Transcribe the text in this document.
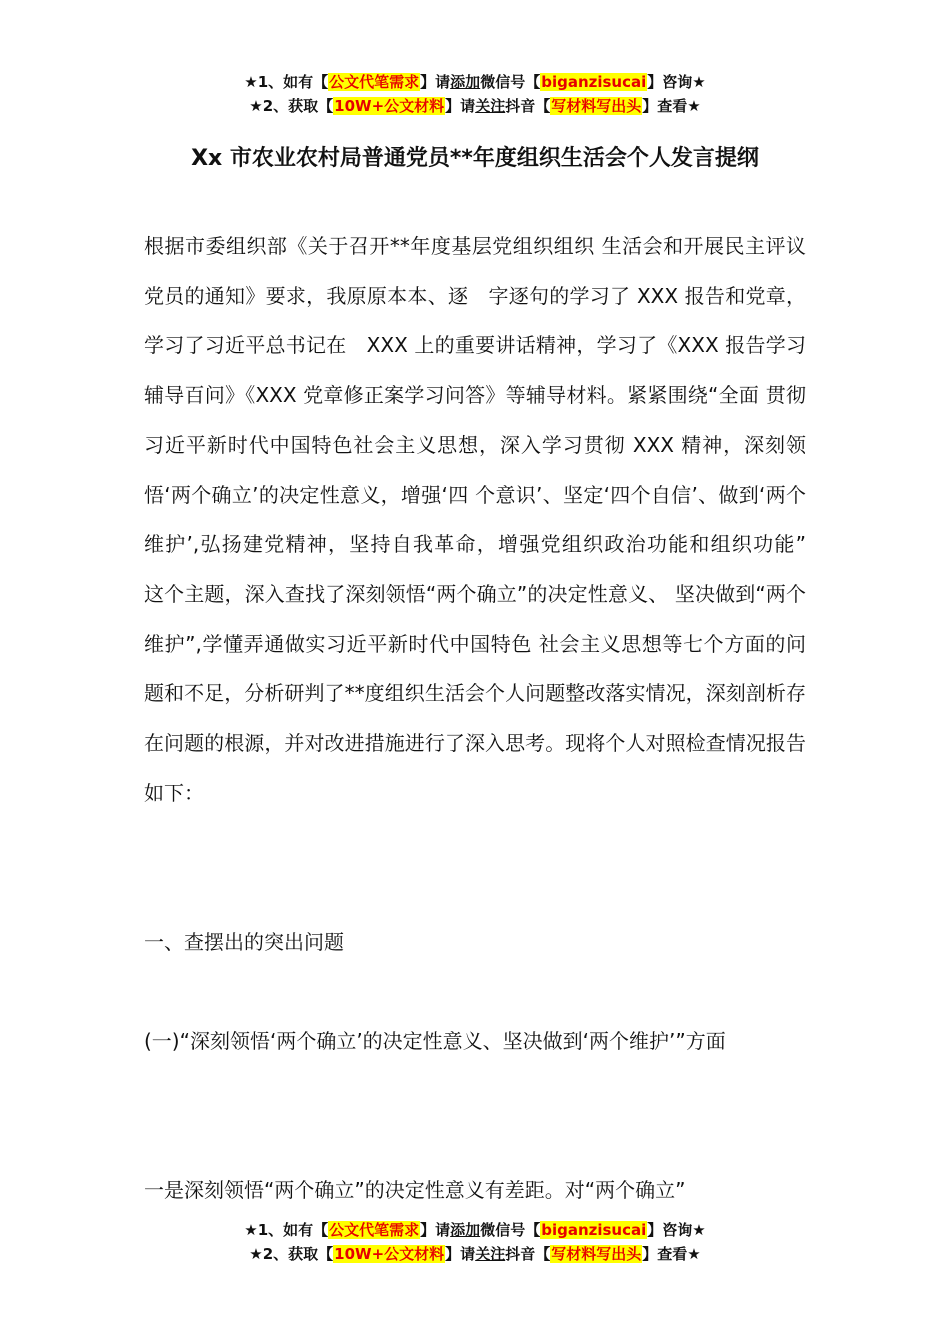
★1、如有【公文代笔需求】请添加微信号【biganzisucai】咨询★
★2、获取【10W+公文材料】请关注抖音【写材料写出头】查看★
Xx 市农业农村局普通党员**年度组织生活会个人发言提纲

根据市委组织部《关于召开**年度基层党组织组织 生活会和开展民主评议党员的通知》要求，我原原本本、逐　字逐句的学习了 XXX 报告和党章，学习了习近平总书记在　XXX 上的重要讲话精神，学习了《XXX 报告学习辅导百问》《XXX 党章修正案学习问答》等辅导材料。紧紧围绕“全面 贯彻习近平新时代中国特色社会主义思想，深入学习贯彻 XXX 精神，深刻领悟‘两个确立’的决定性意义，增强‘四 个意识’、坚定‘四个自信’、做到‘两个维护’,弘扬建党精神，坚持自我革命，增强党组织政治功能和组织功能”　这个主题，深入查找了深刻领悟“两个确立”的决定性意义、 坚决做到“两个维护”,学懂弄通做实习近平新时代中国特色 社会主义思想等七个方面的问题和不足，分析研判了**度组织生活会个人问题整改落实情况，深刻剖析存在问题的根源，并对改进措施进行了深入思考。现将个人对照检查情况报告如下：

一、查摆出的突出问题

(一)“深刻领悟‘两个确立’的决定性意义、坚决做到‘两个维护’”方面

一是深刻领悟“两个确立”的决定性意义有差距。对“两个确立”

★1、如有【公文代笔需求】请添加微信号【biganzisucai】咨询★
★2、获取【10W+公文材料】请关注抖音【写材料写出头】查看★
